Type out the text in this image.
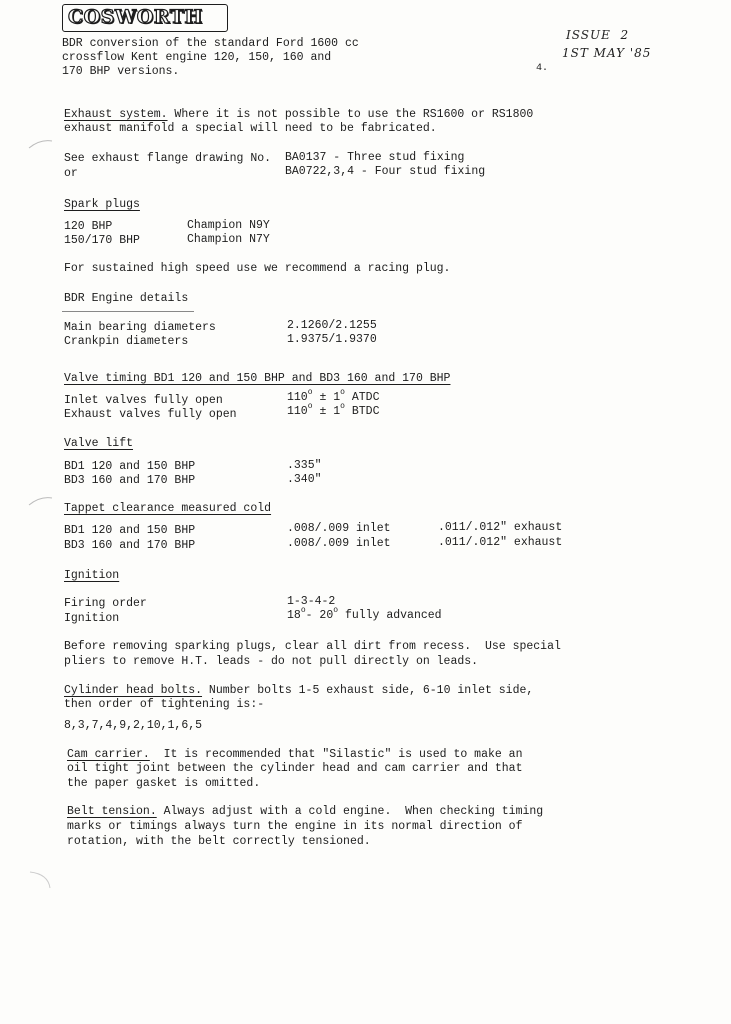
COSWORTH
BDR conversion of the standard Ford 1600 cc
crossflow Kent engine 120, 150, 160 and
170 BHP versions.
ISSUE  2
1ST MAY '85
4.
Exhaust system. Where it is not possible to use the RS1600 or RS1800
exhaust manifold a special will need to be fabricated.
See exhaust flange drawing No. BA0137 - Three stud fixing
or	BA0722,3,4 - Four stud fixing
Spark plugs
120 BHP	Champion N9Y
150/170 BHP	Champion N7Y
For sustained high speed use we recommend a racing plug.
BDR Engine details
Main bearing diameters	2.1260/2.1255
Crankpin diameters	1.9375/1.9370
Valve timing BD1 120 and 150 BHP and BD3 160 and 170 BHP
Inlet valves fully open	$110^o \pm 1^o$ ATDC
Exhaust valves fully open	$110^o \pm 1^o$ BTDC
Valve lift
BD1 120 and 150 BHP	.335"
BD3 160 and 170 BHP	.340"
Tappet clearance measured cold
BD1 120 and 150 BHP	.008/.009 inlet	.011/.012" exhaust
BD3 160 and 170 BHP	.008/.009 inlet	.011/.012" exhaust
Ignition
Firing order	1-3-4-2
Ignition	18$^o$- 20$^o$ fully advanced
Before removing sparking plugs, clear all dirt from recess.  Use special
pliers to remove H.T. leads - do not pull directly on leads.
Cylinder head bolts. Number bolts 1-5 exhaust side, 6-10 inlet side,
then order of tightening is:-
8,3,7,4,9,2,10,1,6,5
Cam carrier.  It is recommended that "Silastic" is used to make an
oil tight joint between the cylinder head and cam carrier and that
the paper gasket is omitted.
Belt tension. Always adjust with a cold engine.  When checking timing
marks or timings always turn the engine in its normal direction of
rotation, with the belt correctly tensioned.
